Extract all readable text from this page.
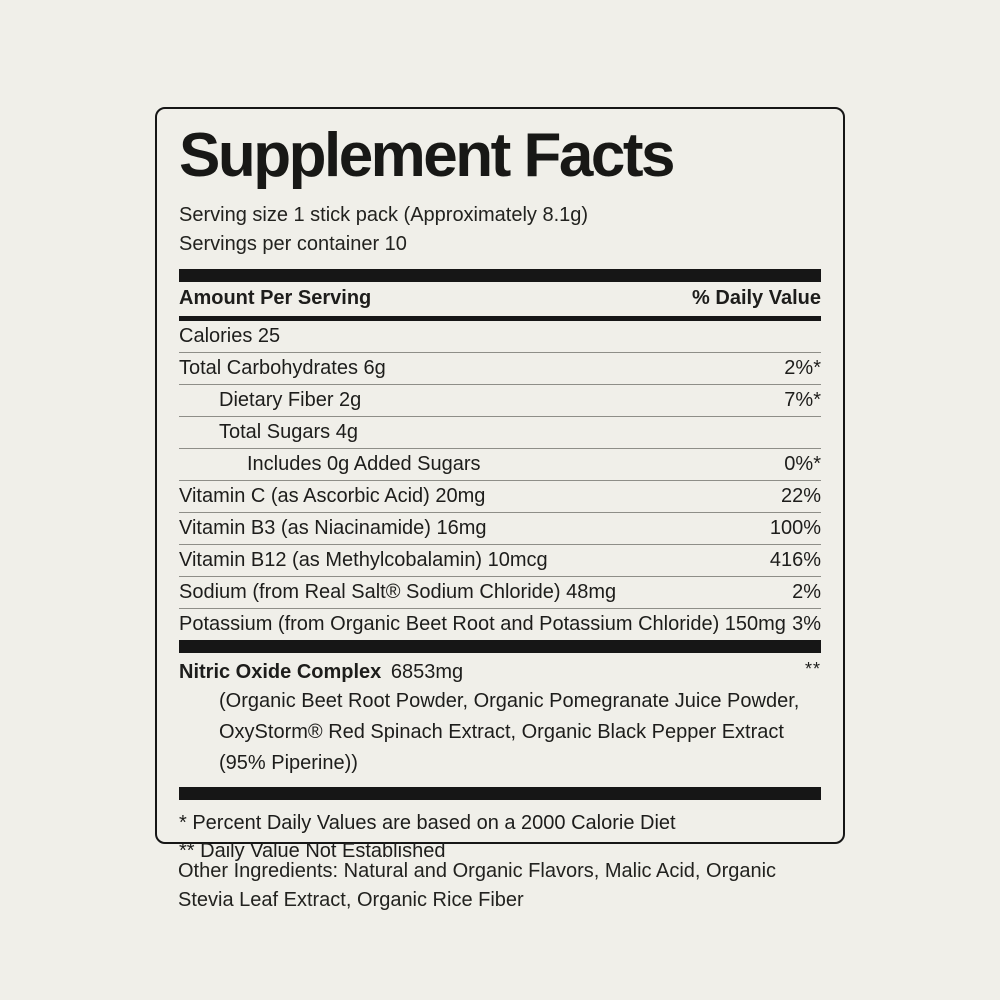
Supplement Facts
Serving size 1 stick pack (Approximately 8.1g)
Servings per container 10
Amount Per Serving	% Daily Value
Calories 25
Total Carbohydrates 6g	2%*
Dietary Fiber 2g	7%*
Total Sugars 4g
Includes 0g Added Sugars	0%*
Vitamin C (as Ascorbic Acid) 20mg	22%
Vitamin B3 (as Niacinamide) 16mg	100%
Vitamin B12 (as Methylcobalamin) 10mcg	416%
Sodium (from Real Salt® Sodium Chloride) 48mg	2%
Potassium (from Organic Beet Root and Potassium Chloride) 150mg 3%
Nitric Oxide Complex 6853mg	**
(Organic Beet Root Powder, Organic Pomegranate Juice Powder,
OxyStorm® Red Spinach Extract, Organic Black Pepper Extract
(95% Piperine))
* Percent Daily Values are based on a 2000 Calorie Diet
** Daily Value Not Established
Other Ingredients: Natural and Organic Flavors, Malic Acid, Organic Stevia Leaf Extract, Organic Rice Fiber
